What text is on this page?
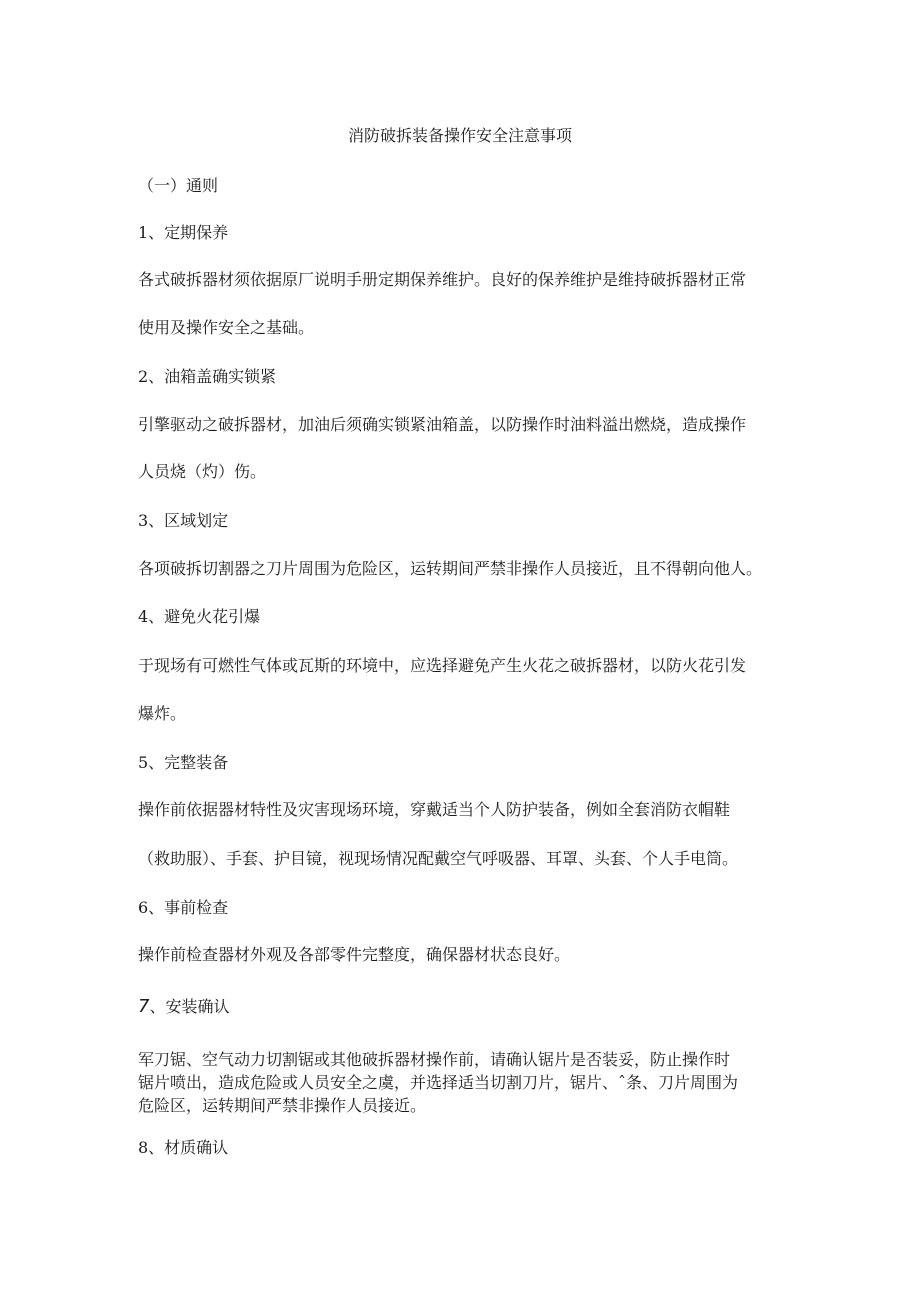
消防破拆装备操作安全注意事项
（一）通则
1、定期保养
各式破拆器材须依据原厂说明手册定期保养维护。良好的保养维护是维持破拆器材正常
使用及操作安全之基础。
2、油箱盖确实锁紧
引擎驱动之破拆器材，加油后须确实锁紧油箱盖，以防操作时油料溢出燃烧，造成操作
人员烧（灼）伤。
3、区域划定
各项破拆切割器之刀片周围为危险区，运转期间严禁非操作人员接近，且不得朝向他人。
4、避免火花引爆
于现场有可燃性气体或瓦斯的环境中，应选择避免产生火花之破拆器材，以防火花引发
爆炸。
5、完整装备
操作前依据器材特性及灾害现场环境，穿戴适当个人防护装备，例如全套消防衣帽鞋
（救助服）、手套、护目镜，视现场情况配戴空气呼吸器、耳罩、头套、个人手电筒。
6、事前检查
操作前检查器材外观及各部零件完整度，确保器材状态良好。
7、安装确认
军刀锯、空气动力切割锯或其他破拆器材操作前，请确认锯片是否装妥，防止操作时
锯片喷出，造成危险或人员安全之虞，并选择适当切割刀片，锯片、ˆ条、刀片周围为
危险区，运转期间严禁非操作人员接近。
8、材质确认
